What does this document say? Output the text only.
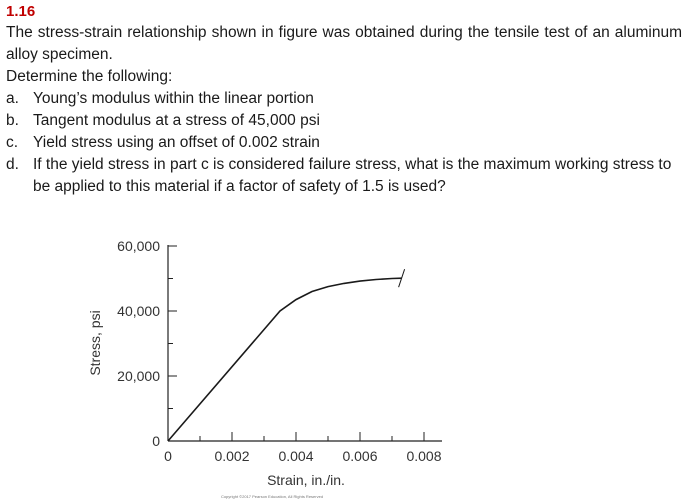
1.16
The stress-strain relationship shown in figure was obtained during the tensile test of an aluminum alloy specimen.
Determine the following:
a. Young’s modulus within the linear portion
b. Tangent modulus at a stress of 45,000 psi
c. Yield stress using an offset of 0.002 strain
d. If the yield stress in part c is considered failure stress, what is the maximum working stress to be applied to this material if a factor of safety of 1.5 is used?
0	0.002 0.004 0.006 0.008
0
20,000
40,000
60,000
Strain, in./in.
Stress, psi
Copyright ©2017 Pearson Education, All Rights Reserved
